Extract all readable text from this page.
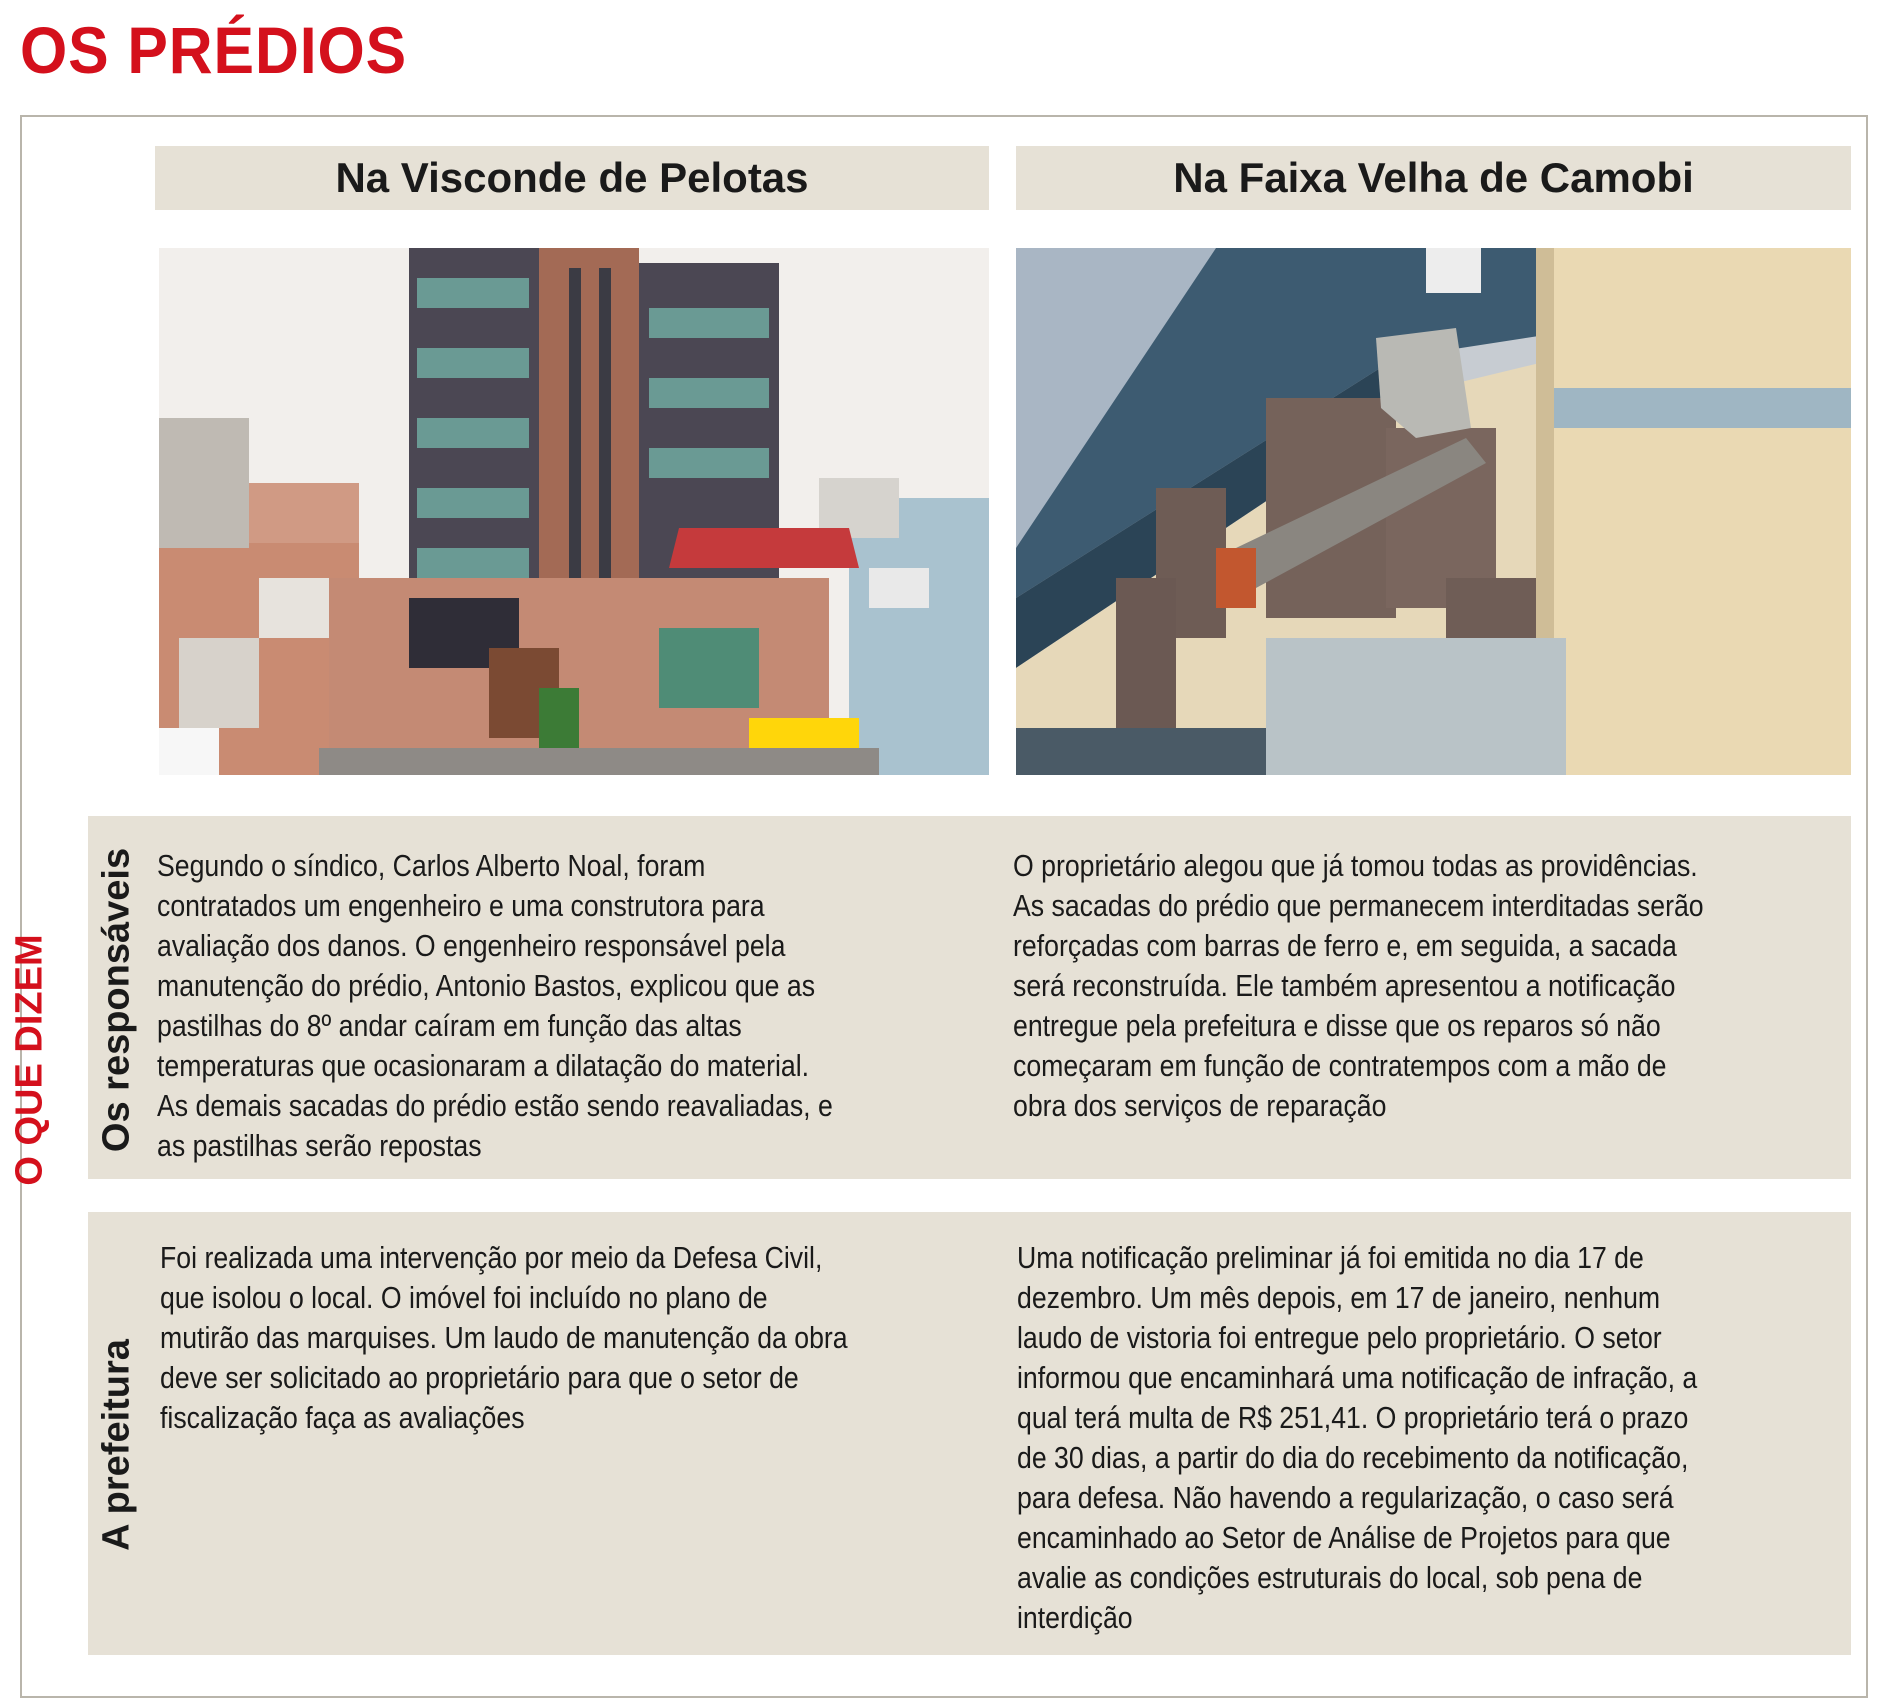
OS PRÉDIOS
O QUE DIZEM
Na Visconde de Pelotas	Na Faixa Velha de Camobi
Os responsáveis
A prefeitura
Segundo o síndico, Carlos Alberto Noal, foram contratados um engenheiro e uma construtora para avaliação dos danos. O engenheiro responsável pela manutenção do prédio, Antonio Bastos, explicou que as pastilhas do 8º andar caíram em função das altas temperaturas que ocasionaram a dilatação do material. As demais sacadas do prédio estão sendo reavaliadas, e as pastilhas serão repostas
O proprietário alegou que já tomou todas as providências. As sacadas do prédio que permanecem interditadas serão reforçadas com barras de ferro e, em seguida, a sacada será reconstruída. Ele também apresentou a notificação entregue pela prefeitura e disse que os reparos só não começaram em função de contratempos com a mão de obra dos serviços de reparação
Foi realizada uma intervenção por meio da Defesa Civil, que isolou o local. O imóvel foi incluído no plano de mutirão das marquises. Um laudo de manutenção da obra deve ser solicitado ao proprietário para que o setor de fiscalização faça as avaliações
Uma notificação preliminar já foi emitida no dia 17 de dezembro. Um mês depois, em 17 de janeiro, nenhum laudo de vistoria foi entregue pelo proprietário. O setor informou que encaminhará uma notificação de infração, a qual terá multa de R$ 251,41. O proprietário terá o prazo de 30 dias, a partir do dia do recebimento da notificação, para defesa. Não havendo a regularização, o caso será encaminhado ao Setor de Análise de Projetos para que avalie as condições estruturais do local, sob pena de interdição
